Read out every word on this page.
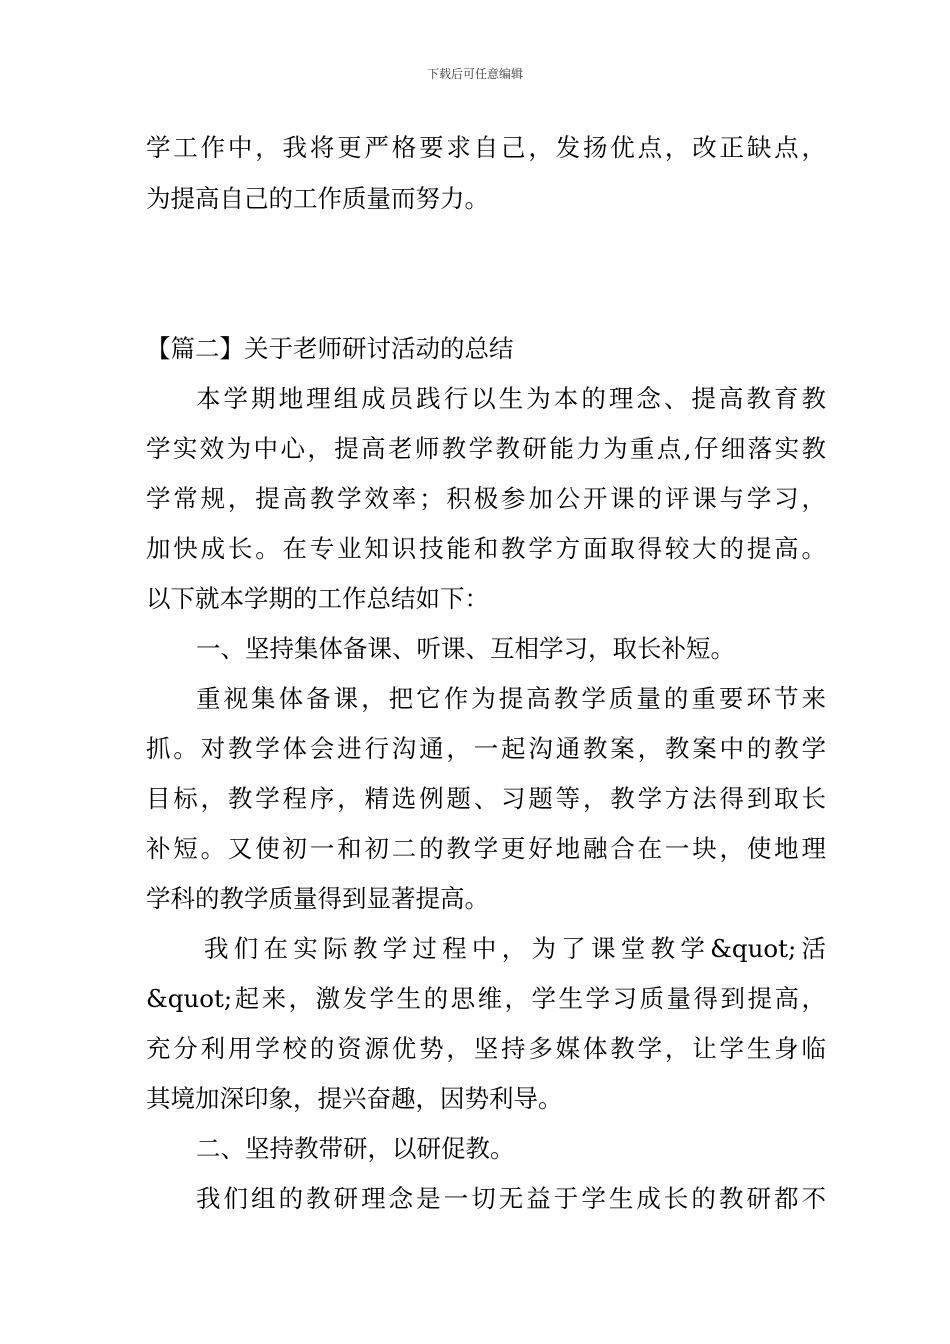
下载后可任意编辑
学工作中，我将更严格要求自己，发扬优点，改正缺点，
为提高自己的工作质量而努力。
【篇二】关于老师研讨活动的总结
本学期地理组成员践行以生为本的理念、提高教育教
学实效为中心，提高老师教学教研能力为重点,仔细落实教
学常规，提高教学效率；积极参加公开课的评课与学习，
加快成长。在专业知识技能和教学方面取得较大的提高。
以下就本学期的工作总结如下：
一、坚持集体备课、听课、互相学习，取长补短。
重视集体备课，把它作为提高教学质量的重要环节来
抓。对教学体会进行沟通，一起沟通教案，教案中的教学
目标，教学程序，精选例题、习题等，教学方法得到取长
补短。又使初一和初二的教学更好地融合在一块，使地理
学科的教学质量得到显著提高。
我们在实际教学过程中，为了课堂教学&quot;活
&quot;起来，激发学生的思维，学生学习质量得到提高，
充分利用学校的资源优势，坚持多媒体教学，让学生身临
其境加深印象，提兴奋趣，因势利导。
二、坚持教带研，以研促教。
我们组的教研理念是一切无益于学生成长的教研都不
